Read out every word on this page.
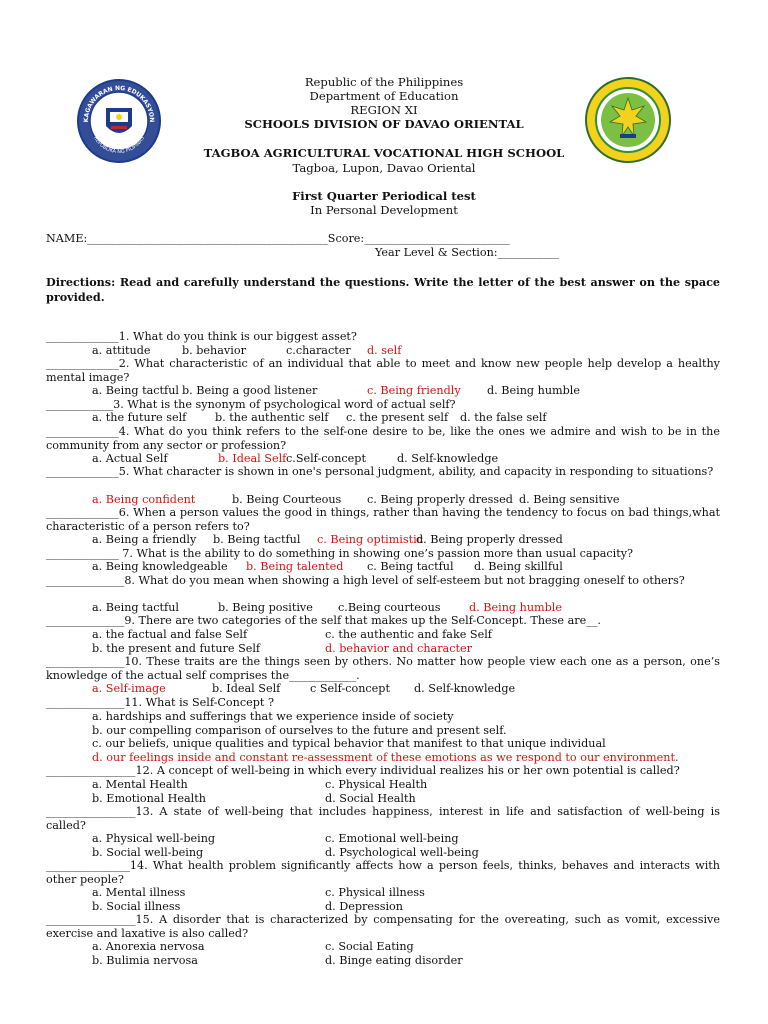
KAGAWARAN NG EDUKASYON
REPUBLIKA NG PILIPINAS
Republic of the Philippines
Department of Education
REGION XI
SCHOOLS DIVISION OF DAVAO ORIENTAL
TAGBOA AGRICULTURAL VOCATIONAL HIGH SCHOOL
Tagboa, Lupon, Davao Oriental
First Quarter Periodical test
In Personal Development
NAME:___________________________________________Score:__________________________
Year Level & Section:___________
Directions: Read and carefully understand the questions. Write the letter of the best answer on the space provided.
_____________1. What do you think is our biggest asset?
a. attitude	b. behavior	c.character d. self
_____________2. What characteristic of an individual that able to meet and know new people help develop a healthy mental image?
a. Being tactful b. Being a good listener	c. Being friendly d. Being humble
____________3. What is the synonym of psychological word of actual self?
a. the future self	b. the authentic self c. the present self d. the false self
_____________4. What do you think refers to the self-one desire to be, like the ones we admire and wish to be in the community from any sector or profession?
a. Actual Self	b. Ideal Self c.Self-concept	d. Self-knowledge
_____________5. What character is shown in one's personal judgment, ability, and capacity in responding to situations?
a. Being confident	b. Being Courteous c. Being properly dressed d. Being sensitive
_____________6. When a person values the good in things, rather than having the tendency to focus on bad things,what characteristic of a person refers to?
a. Being a friendly b. Being tactful c. Being optimistic
d. Being properly dressed
_____________ 7. What is the ability to do something in showing one’s passion more than usual capacity?
a. Being knowledgeable b. Being talented c. Being tactful d. Being skillful
______________8. What do you mean when showing a high level of self-esteem but not bragging oneself to others?
a. Being tactful	b. Being positive c.Being courteous	d. Being humble
______________9. There are two categories of the self that makes up the Self-Concept. These are__.
a. the factual and false Self	c. the authentic and fake Self
b. the present and future Self	d. behavior and character
______________10. These traits are the things seen by others. No matter how people view each one as a person, one’s knowledge of the actual self comprises the____________.
a. Self-image	b. Ideal Self	c Self-concept d. Self-knowledge
______________11. What is Self-Concept ?
a. hardships and sufferings that we experience inside of society
b. our compelling comparison of ourselves to the future and present self.
c. our beliefs, unique qualities and typical behavior that manifest to that unique individual
d. our feelings inside and constant re-assessment of these emotions as we respond to our environment.
________________12. A concept of well-being in which every individual realizes his or her own potential is called?
a. Mental Health	c. Physical Health
b. Emotional Health	d. Social Health
________________13. A state of well-being that includes happiness, interest in life and satisfaction of well-being is called?
a. Physical well-being	c. Emotional well-being
b. Social well-being	d. Psychological well-being
_______________14. What health problem significantly affects how a person feels, thinks, behaves and interacts with other people?
a. Mental illness	c. Physical illness
b. Social illness	d. Depression
________________15. A disorder that is characterized by compensating for the overeating, such as vomit, excessive exercise and laxative is also called?
a. Anorexia nervosa	c. Social Eating
b. Bulimia nervosa	d. Binge eating disorder
